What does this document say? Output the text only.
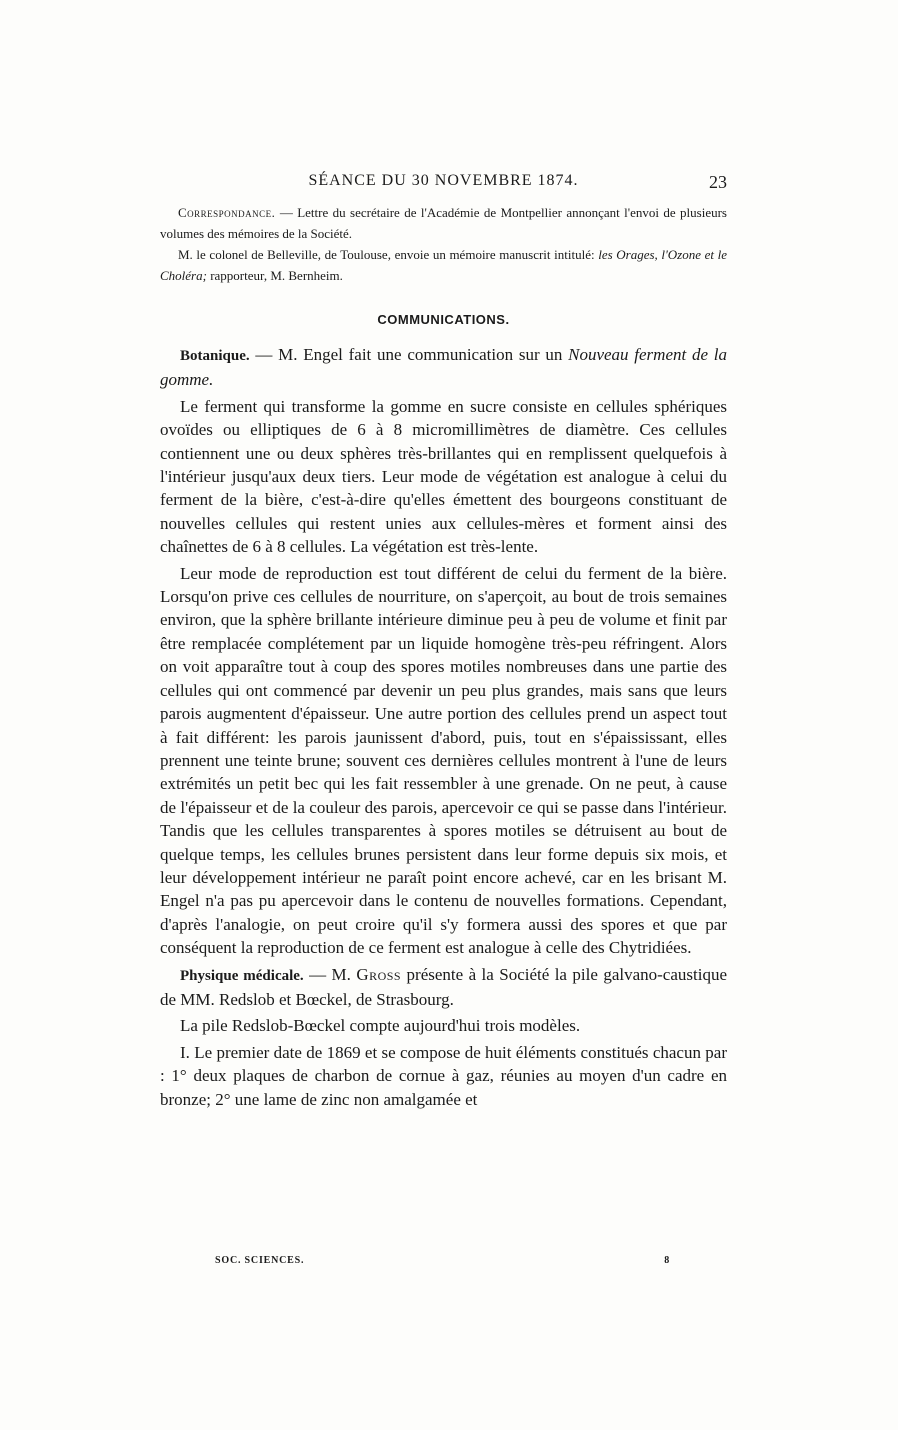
SÉANCE DU 30 NOVEMBRE 1874.	23

Correspondance. — Lettre du secrétaire de l'Académie de Montpellier annonçant l'envoi de plusieurs volumes des mémoires de la Société.

M. le colonel de Belleville, de Toulouse, envoie un mémoire manuscrit intitulé: les Orages, l'Ozone et le Choléra; rapporteur, M. Bernheim.

COMMUNICATIONS.

Botanique. — M. Engel fait une communication sur un Nouveau ferment de la gomme.

Le ferment qui transforme la gomme en sucre consiste en cellules sphériques ovoïdes ou elliptiques de 6 à 8 micromillimètres de diamètre. Ces cellules contiennent une ou deux sphères très-brillantes qui en remplissent quelquefois à l'intérieur jusqu'aux deux tiers. Leur mode de végétation est analogue à celui du ferment de la bière, c'est-à-dire qu'elles émettent des bourgeons constituant de nouvelles cellules qui restent unies aux cellules-mères et forment ainsi des chaînettes de 6 à 8 cellules. La végétation est très-lente.

Leur mode de reproduction est tout différent de celui du ferment de la bière. Lorsqu'on prive ces cellules de nourriture, on s'aperçoit, au bout de trois semaines environ, que la sphère brillante intérieure diminue peu à peu de volume et finit par être remplacée complétement par un liquide homogène très-peu réfringent. Alors on voit apparaître tout à coup des spores motiles nombreuses dans une partie des cellules qui ont commencé par devenir un peu plus grandes, mais sans que leurs parois augmentent d'épaisseur. Une autre portion des cellules prend un aspect tout à fait différent: les parois jaunissent d'abord, puis, tout en s'épaississant, elles prennent une teinte brune; souvent ces dernières cellules montrent à l'une de leurs extrémités un petit bec qui les fait ressembler à une grenade. On ne peut, à cause de l'épaisseur et de la couleur des parois, apercevoir ce qui se passe dans l'intérieur. Tandis que les cellules transparentes à spores motiles se détruisent au bout de quelque temps, les cellules brunes persistent dans leur forme depuis six mois, et leur développement intérieur ne paraît point encore achevé, car en les brisant M. Engel n'a pas pu apercevoir dans le contenu de nouvelles formations. Cependant, d'après l'analogie, on peut croire qu'il s'y formera aussi des spores et que par conséquent la reproduction de ce ferment est analogue à celle des Chytridiées.

Physique médicale. — M. Gross présente à la Société la pile galvano-caustique de MM. Redslob et Bœckel, de Strasbourg.

La pile Redslob-Bœckel compte aujourd'hui trois modèles.

I. Le premier date de 1869 et se compose de huit éléments constitués chacun par : 1° deux plaques de charbon de cornue à gaz, réunies au moyen d'un cadre en bronze; 2° une lame de zinc non amalgamée et

SOC. SCIENCES.	8
